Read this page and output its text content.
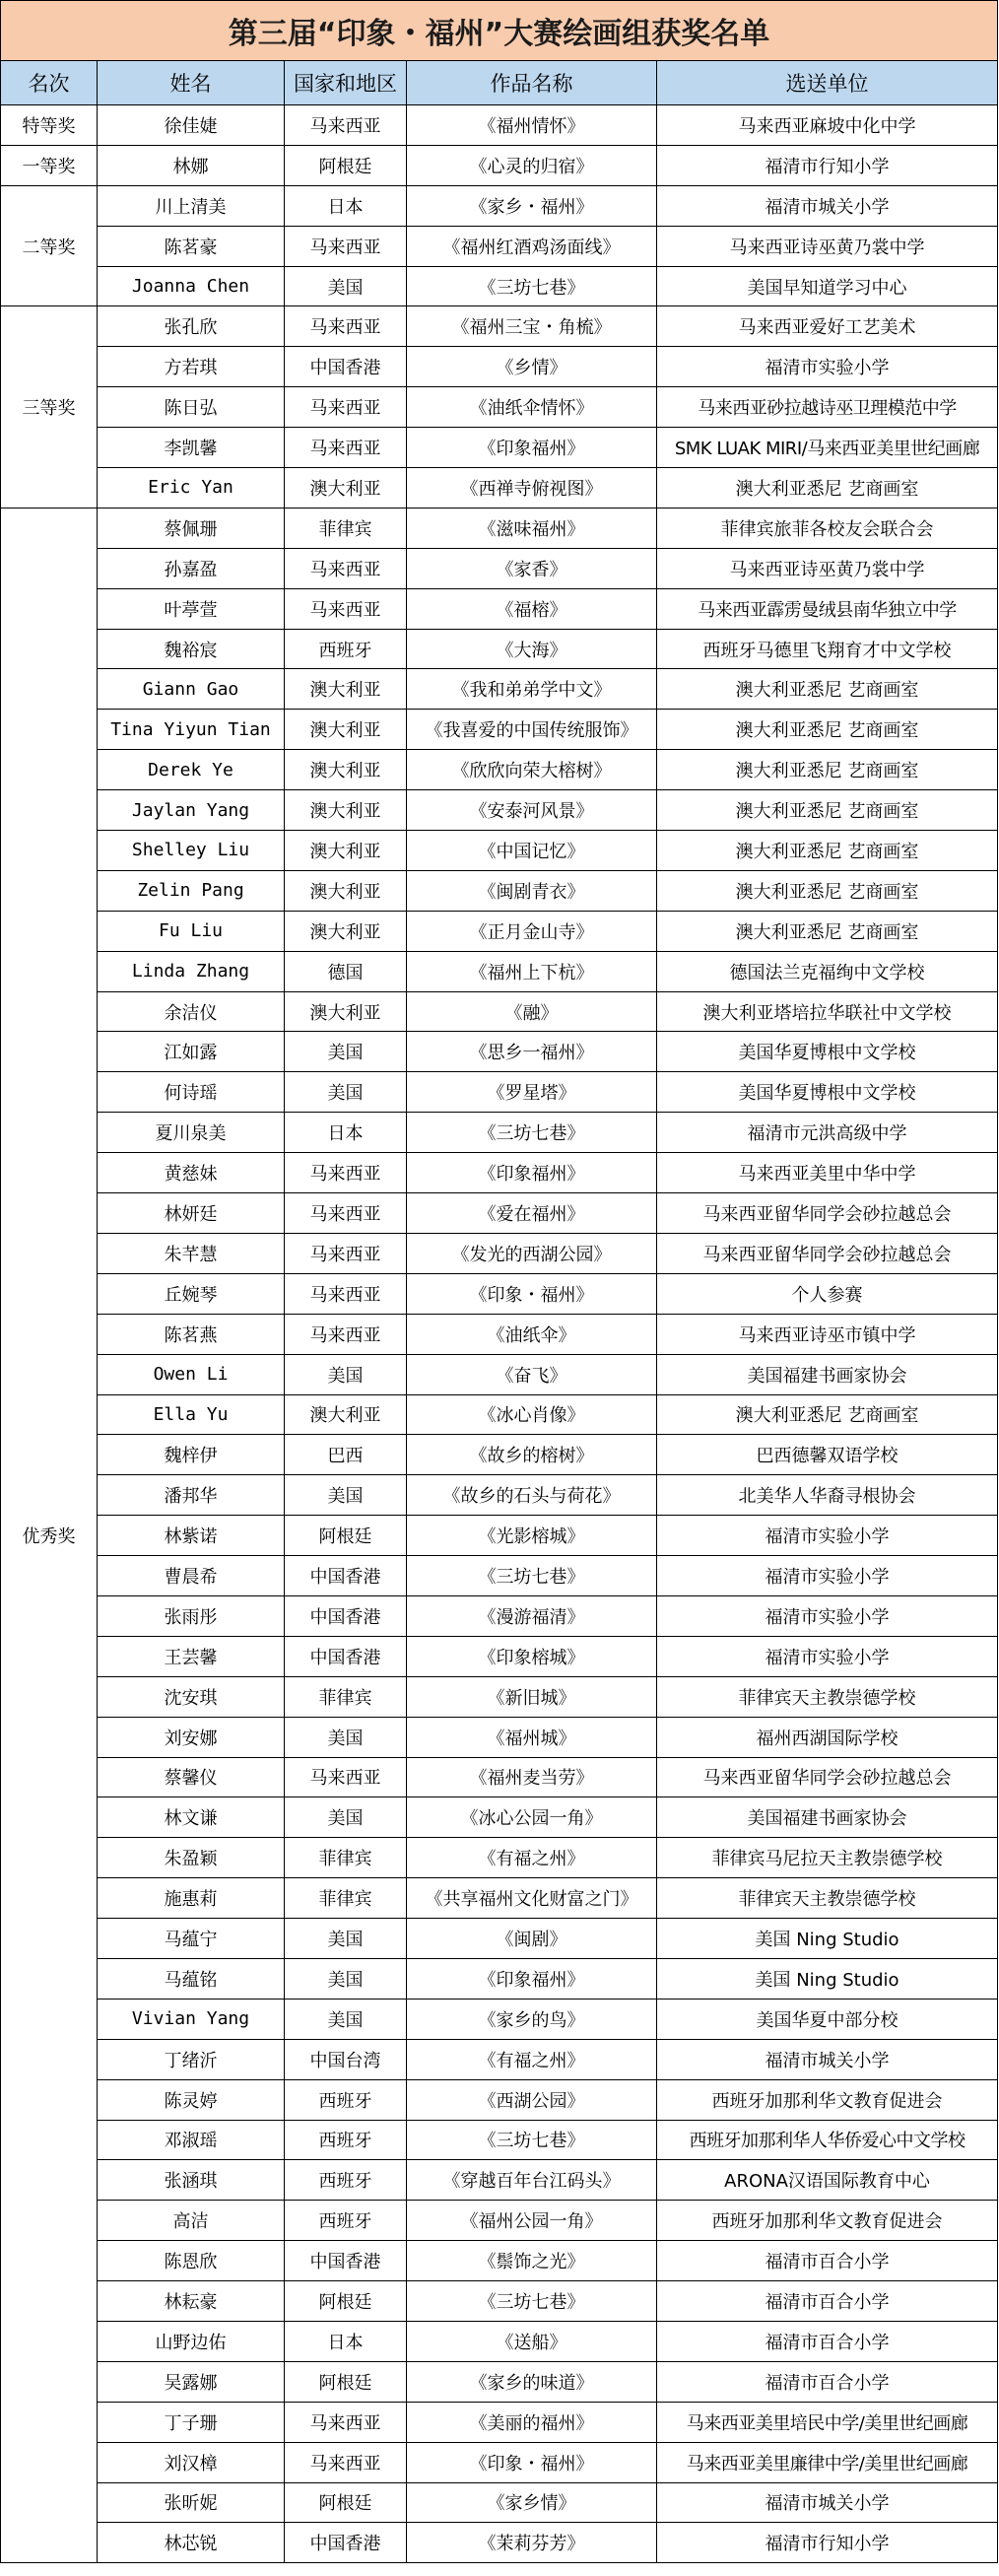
第三届“印象・福州”大赛绘画组获奖名单				
名次	姓名	国家和地区	作品名称	选送单位
特等奖	徐佳婕	马来西亚	《福州情怀》	马来西亚麻坡中化中学
一等奖	林娜	阿根廷	《心灵的归宿》	福清市行知小学
二等奖	川上清美	日本	《家乡・福州》	福清市城关小学
	陈茗豪	马来西亚	《福州红酒鸡汤面线》	马来西亚诗巫黄乃裳中学
	Joanna Chen	美国	《三坊七巷》	美国早知道学习中心
三等奖	张孔欣	马来西亚	《福州三宝・角梳》	马来西亚爱好工艺美术
	方若琪	中国香港	《乡情》	福清市实验小学
	陈日弘	马来西亚	《油纸伞情怀》	马来西亚砂拉越诗巫卫理模范中学
	李凯馨	马来西亚	《印象福州》	SMK LUAK MIRI/马来西亚美里世纪画廊
	Eric Yan	澳大利亚	《西禅寺俯视图》	澳大利亚悉尼 艺商画室
优秀奖	蔡佩珊	菲律宾	《滋味福州》	菲律宾旅菲各校友会联合会
	孙嘉盈	马来西亚	《家香》	马来西亚诗巫黄乃裳中学
	叶葶萱	马来西亚	《福榕》	马来西亚霹雳曼绒县南华独立中学
	魏裕宸	西班牙	《大海》	西班牙马德里飞翔育才中文学校
	Giann Gao	澳大利亚	《我和弟弟学中文》	澳大利亚悉尼 艺商画室
	Tina Yiyun Tian	澳大利亚	《我喜爱的中国传统服饰》	澳大利亚悉尼 艺商画室
	Derek Ye	澳大利亚	《欣欣向荣大榕树》	澳大利亚悉尼 艺商画室
	Jaylan Yang	澳大利亚	《安泰河风景》	澳大利亚悉尼 艺商画室
	Shelley Liu	澳大利亚	《中国记忆》	澳大利亚悉尼 艺商画室
	Zelin Pang	澳大利亚	《闽剧青衣》	澳大利亚悉尼 艺商画室
	Fu Liu	澳大利亚	《正月金山寺》	澳大利亚悉尼 艺商画室
	Linda Zhang	德国	《福州上下杭》	德国法兰克福绚中文学校
	余洁仪	澳大利亚	《融》	澳大利亚塔培拉华联社中文学校
	江如露	美国	《思乡一福州》	美国华夏博根中文学校
	何诗瑶	美国	《罗星塔》	美国华夏博根中文学校
	夏川泉美	日本	《三坊七巷》	福清市元洪高级中学
	黄慈妹	马来西亚	《印象福州》	马来西亚美里中华中学
	林妍廷	马来西亚	《爱在福州》	马来西亚留华同学会砂拉越总会
	朱芊慧	马来西亚	《发光的西湖公园》	马来西亚留华同学会砂拉越总会
	丘婉琴	马来西亚	《印象・福州》	个人参赛
	陈茗燕	马来西亚	《油纸伞》	马来西亚诗巫市镇中学
	Owen Li	美国	《奋飞》	美国福建书画家协会
	Ella Yu	澳大利亚	《冰心肖像》	澳大利亚悉尼 艺商画室
	魏梓伊	巴西	《故乡的榕树》	巴西德馨双语学校
	潘邦华	美国	《故乡的石头与荷花》	北美华人华裔寻根协会
	林紫诺	阿根廷	《光影榕城》	福清市实验小学
	曹晨希	中国香港	《三坊七巷》	福清市实验小学
	张雨彤	中国香港	《漫游福清》	福清市实验小学
	王芸馨	中国香港	《印象榕城》	福清市实验小学
	沈安琪	菲律宾	《新旧城》	菲律宾天主教崇德学校
	刘安娜	美国	《福州城》	福州西湖国际学校
	蔡馨仪	马来西亚	《福州麦当劳》	马来西亚留华同学会砂拉越总会
	林文谦	美国	《冰心公园一角》	美国福建书画家协会
	朱盈颖	菲律宾	《有福之州》	菲律宾马尼拉天主教崇德学校
	施惠莉	菲律宾	《共享福州文化财富之门》	菲律宾天主教崇德学校
	马蕴宁	美国	《闽剧》	美国 Ning Studio
	马蕴铭	美国	《印象福州》	美国 Ning Studio
	Vivian Yang	美国	《家乡的鸟》	美国华夏中部分校
	丁绪沂	中国台湾	《有福之州》	福清市城关小学
	陈灵婷	西班牙	《西湖公园》	西班牙加那利华文教育促进会
	邓淑瑶	西班牙	《三坊七巷》	西班牙加那利华人华侨爱心中文学校
	张涵琪	西班牙	《穿越百年台江码头》	ARONA汉语国际教育中心
	高洁	西班牙	《福州公园一角》	西班牙加那利华文教育促进会
	陈恩欣	中国香港	《鬃饰之光》	福清市百合小学
	林耘豪	阿根廷	《三坊七巷》	福清市百合小学
	山野边佑	日本	《送船》	福清市百合小学
	吴露娜	阿根廷	《家乡的味道》	福清市百合小学
	丁子珊	马来西亚	《美丽的福州》	马来西亚美里培民中学/美里世纪画廊
	刘汉樟	马来西亚	《印象・福州》	马来西亚美里廉律中学/美里世纪画廊
	张昕妮	阿根廷	《家乡情》	福清市城关小学
	林芯锐	中国香港	《茉莉芬芳》	福清市行知小学
